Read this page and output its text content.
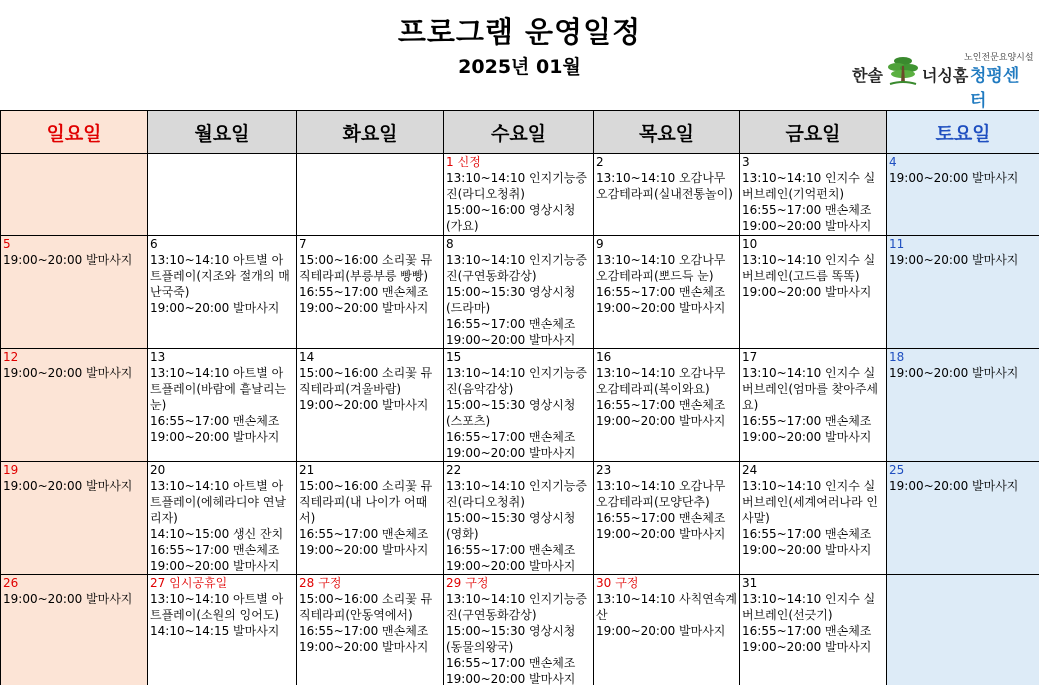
프로그램 운영일정
2025년 01월	노인전문요양시설
한솔 너싱홈 청평센터
일요일	월요일	화요일	수요일	목요일	금요일	토요일

			1 신정
13:10~14:10 인지기능증진(라디오청취)
15:00~16:00 영상시청(가요)	2
13:10~14:10 오감나무 오감테라피(실내전통놀이)	3
13:10~14:10 인지수 실버브레인(기억펀치)
16:55~17:00 맨손체조
19:00~20:00 발마사지	4
19:00~20:00 발마사지

5
19:00~20:00 발마사지	6
13:10~14:10 아트별 아트플레이(지조와 절개의 매난국죽)
19:00~20:00 발마사지	7
15:00~16:00 소리꽃 뮤직테라피(부릉부릉 빵빵)
16:55~17:00 맨손체조
19:00~20:00 발마사지	8
13:10~14:10 인지기능증진(구연동화감상)
15:00~15:30 영상시청(드라마)
16:55~17:00 맨손체조
19:00~20:00 발마사지	9
13:10~14:10 오감나무 오감테라피(뽀드득 눈)
16:55~17:00 맨손체조
19:00~20:00 발마사지	10
13:10~14:10 인지수 실버브레인(고드름 똑똑)
19:00~20:00 발마사지	11
19:00~20:00 발마사지

12
19:00~20:00 발마사지	13
13:10~14:10 아트별 아트플레이(바람에 흩날리는 눈)
16:55~17:00 맨손체조
19:00~20:00 발마사지	14
15:00~16:00 소리꽃 뮤직테라피(겨울바람)
19:00~20:00 발마사지	15
13:10~14:10 인지기능증진(음악감상)
15:00~15:30 영상시청(스포츠)
16:55~17:00 맨손체조
19:00~20:00 발마사지	16
13:10~14:10 오감나무 오감테라피(복이와요)
16:55~17:00 맨손체조
19:00~20:00 발마사지	17
13:10~14:10 인지수 실버브레인(엄마를 찾아주세요)
16:55~17:00 맨손체조
19:00~20:00 발마사지	18
19:00~20:00 발마사지

19
19:00~20:00 발마사지	20
13:10~14:10 아트별 아트플레이(에헤라디야 연날리자)
14:10~15:00 생신 잔치
16:55~17:00 맨손체조
19:00~20:00 발마사지	21
15:00~16:00 소리꽃 뮤직테라피(내 나이가 어때서)
16:55~17:00 맨손체조
19:00~20:00 발마사지	22
13:10~14:10 인지기능증진(라디오청취)
15:00~15:30 영상시청(영화)
16:55~17:00 맨손체조
19:00~20:00 발마사지	23
13:10~14:10 오감나무 오감테라피(모양단추)
16:55~17:00 맨손체조
19:00~20:00 발마사지	24
13:10~14:10 인지수 실버브레인(세계여러나라 인사말)
16:55~17:00 맨손체조
19:00~20:00 발마사지	25
19:00~20:00 발마사지

26
19:00~20:00 발마사지	27 임시공휴일
13:10~14:10 아트별 아트플레이(소원의 잉어도)
14:10~14:15 발마사지	28 구정
15:00~16:00 소리꽃 뮤직테라피(안동역에서)
16:55~17:00 맨손체조
19:00~20:00 발마사지	29 구정
13:10~14:10 인지기능증진(구연동화감상)
15:00~15:30 영상시청(동물의왕국)
16:55~17:00 맨손체조
19:00~20:00 발마사지	30 구정
13:10~14:10 사칙연속계산
19:00~20:00 발마사지	31
13:10~14:10 인지수 실버브레인(선긋기)
16:55~17:00 맨손체조
19:00~20:00 발마사지	
